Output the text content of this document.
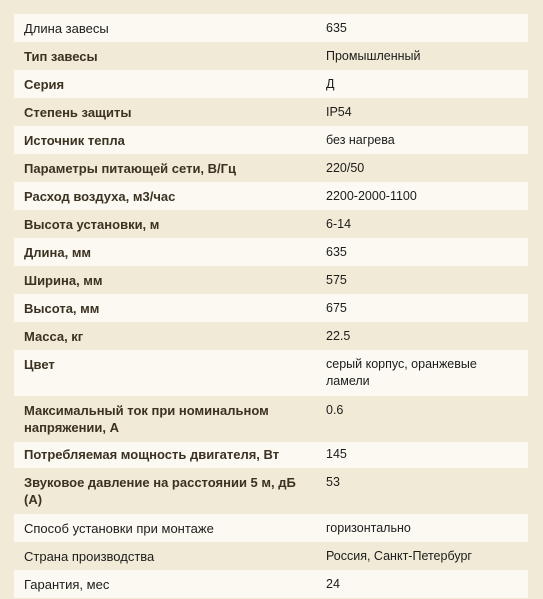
Длина завесы	635
Тип завесы	Промышленный
Серия	Д
Степень защиты	IP54
Источник тепла	без нагрева
Параметры питающей сети, В/Гц	220/50
Расход воздуха, м3/час	2200-2000-1100
Высота установки, м	6-14
Длина, мм	635
Ширина, мм	575
Высота, мм	675
Масса, кг	22.5
Цвет	серый корпус, оранжевые ламели
Максимальный ток при номинальном напряжении, А	0.6
Потребляемая мощность двигателя, Вт	145
Звуковое давление на расстоянии 5 м, дБ (А)	53
Способ установки при монтаже	горизонтально
Страна производства	Россия, Санкт-Петербург
Гарантия, мес	24
